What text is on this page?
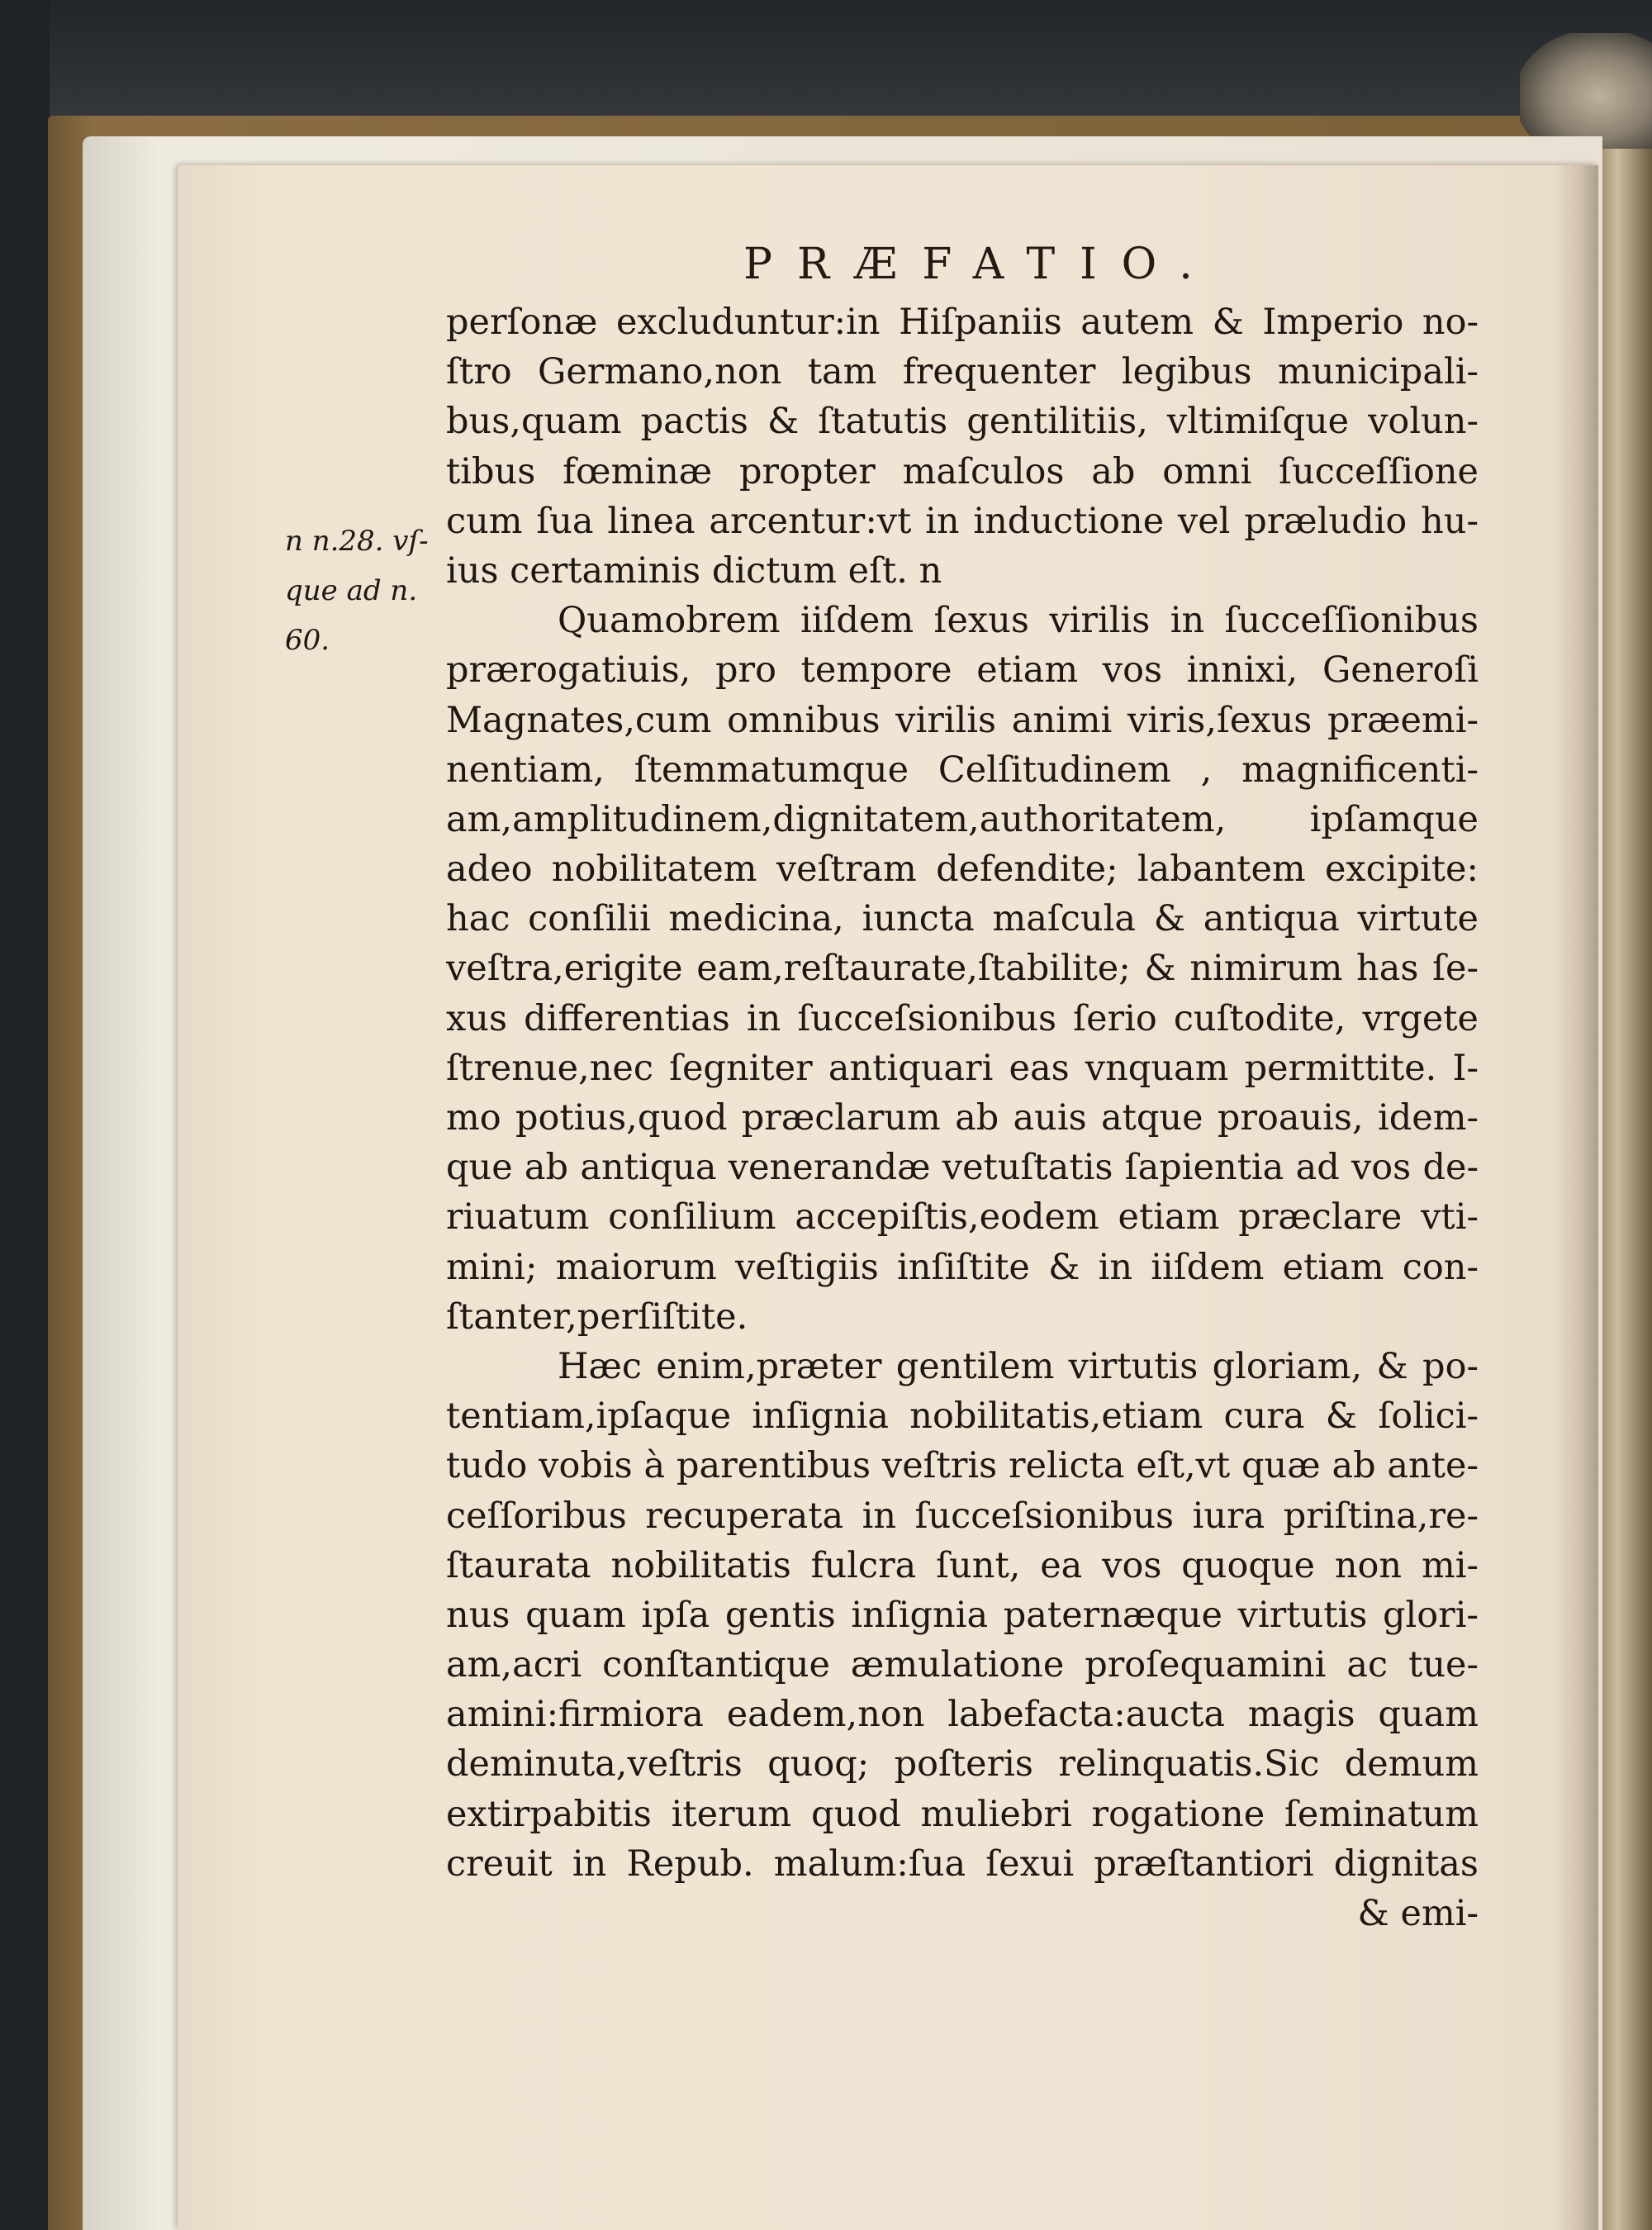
PRÆFATIO.
n n.28. vſ-
que ad n.
60.
perſonæ excluduntur:in Hiſpaniis autem & Imperio no-
ſtro Germano,non tam frequenter legibus municipali-
bus,quam pactis & ſtatutis gentilitiis, vltimiſque volun-
tibus fœminæ propter maſculos ab omni ſucceſſione
cum ſua linea arcentur:vt in inductione vel præludio hu-
ius certaminis dictum eſt. n
Quamobrem iiſdem ſexus virilis in ſucceſſionibus
prærogatiuis, pro tempore etiam vos innixi, Generoſi
Magnates,cum omnibus virilis animi viris,ſexus præemi-
nentiam, ſtemmatumque Celſitudinem , magnificenti-
am,amplitudinem,dignitatem,authoritatem, ipſamque
adeo nobilitatem veſtram defendite; labantem excipite:
hac conſilii medicina, iuncta maſcula & antiqua virtute
veſtra,erigite eam,reſtaurate,ſtabilite; & nimirum has ſe-
xus differentias in ſucceſsionibus ſerio cuſtodite, vrgete
ſtrenue,nec ſegniter antiquari eas vnquam permittite. I-
mo potius,quod præclarum ab auis atque proauis, idem-
que ab antiqua venerandæ vetuſtatis ſapientia ad vos de-
riuatum conſilium accepiſtis,eodem etiam præclare vti-
mini; maiorum veſtigiis inſiſtite & in iiſdem etiam con-
ſtanter,perſiſtite.
Hæc enim,præter gentilem virtutis gloriam, & po-
tentiam,ipſaque inſignia nobilitatis,etiam cura & ſolici-
tudo vobis à parentibus veſtris relicta eſt,vt quæ ab ante-
ceſſoribus recuperata in ſucceſsionibus iura priſtina,re-
ſtaurata nobilitatis fulcra ſunt, ea vos quoque non mi-
nus quam ipſa gentis inſignia paternæque virtutis glori-
am,acri conſtantique æmulatione proſequamini ac tue-
amini:firmiora eadem,non labefacta:aucta magis quam
deminuta,veſtris quoq; poſteris relinquatis.Sic demum
extirpabitis iterum quod muliebri rogatione ſeminatum
creuit in Repub. malum:ſua ſexui præſtantiori dignitas
& emi-
